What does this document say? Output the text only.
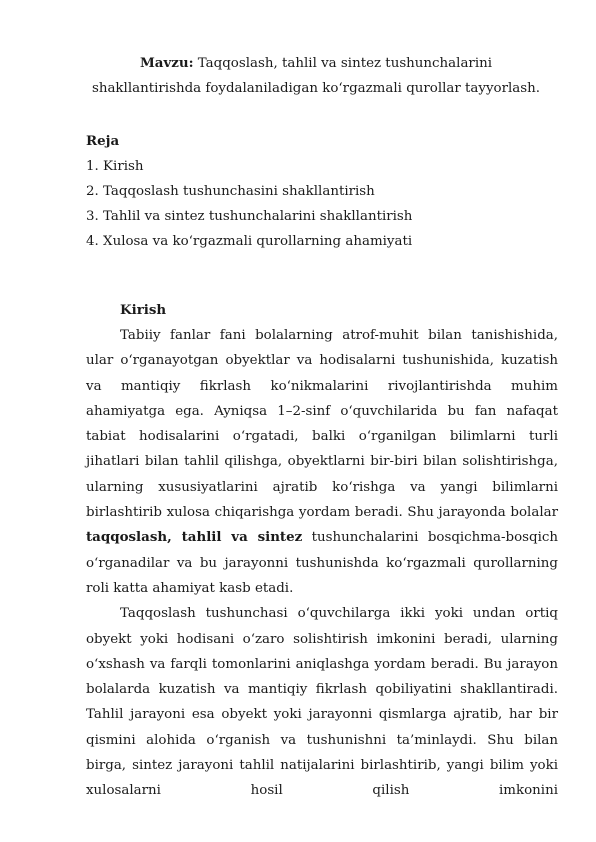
Mavzu: Taqqoslash, tahlil va sintez tushunchalarini shakllantirishda foydalaniladigan ko‘rgazmali qurollar tayyorlash.
Reja
1. Kirish
2. Taqqoslash tushunchasini shakllantirish
3. Tahlil va sintez tushunchalarini shakllantirish
4. Xulosa va ko‘rgazmali qurollarning ahamiyati
Kirish

Tabiiy fanlar fani bolalarning atrof-muhit bilan tanishishida, ular o‘rganayotgan obyektlar va hodisalarni tushunishida, kuzatish va mantiqiy fikrlash ko‘nikmalarini rivojlantirishda muhim ahamiyatga ega. Ayniqsa 1–2-sinf o‘quvchilarida bu fan nafaqat tabiat hodisalarini o‘rgatadi, balki o‘rganilgan bilimlarni turli jihatlari bilan tahlil qilishga, obyektlarni bir-biri bilan solishtirishga, ularning xususiyatlarini ajratib ko‘rishga va yangi bilimlarni birlashtirib xulosa chiqarishga yordam beradi. Shu jarayonda bolalar taqqoslash, tahlil va sintez tushunchalarini bosqichma-bosqich o‘rganadilar va bu jarayonni tushunishda ko‘rgazmali qurollarning roli katta ahamiyat kasb etadi.

Taqqoslash tushunchasi o‘quvchilarga ikki yoki undan ortiq obyekt yoki hodisani o‘zaro solishtirish imkonini beradi, ularning o‘xshash va farqli tomonlarini aniqlashga yordam beradi. Bu jarayon bolalarda kuzatish va mantiqiy fikrlash qobiliyatini shakllantiradi. Tahlil jarayoni esa obyekt yoki jarayonni qismlarga ajratib, har bir qismini alohida o‘rganish va tushunishni ta’minlaydi. Shu bilan birga, sintez jarayoni tahlil natijalarini birlashtirib, yangi bilim yoki xulosalarni hosil qilish imkonini
